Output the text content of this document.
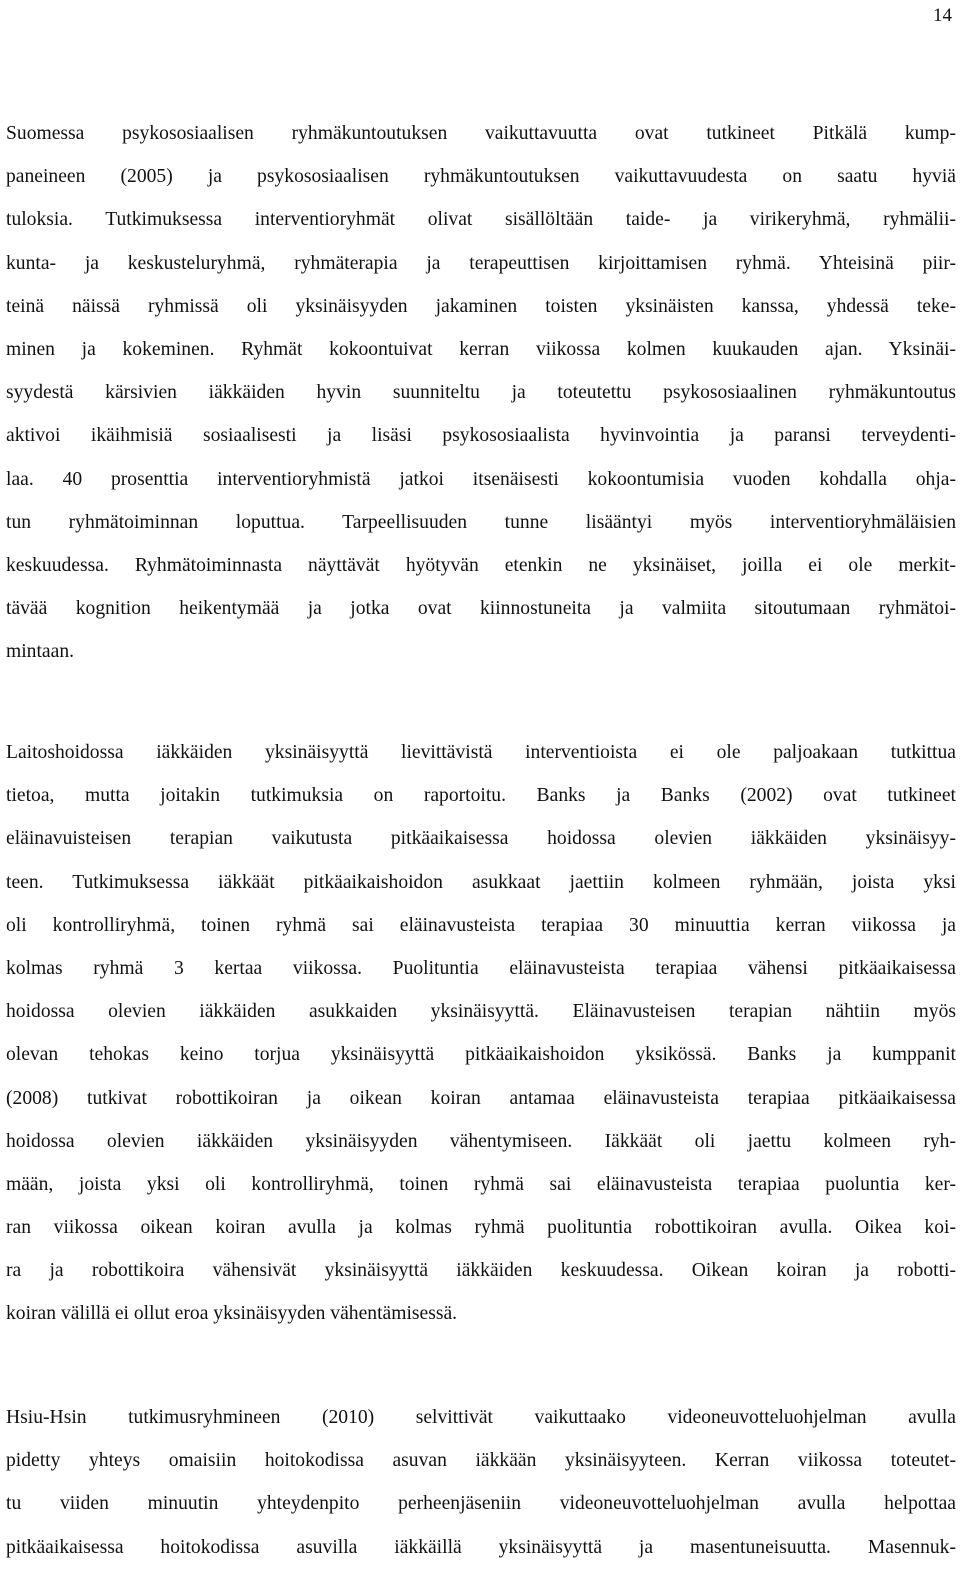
14
Suomessa psykososiaalisen ryhmäkuntoutuksen vaikuttavuutta ovat tutkineet Pitkälä kump-
paneineen (2005) ja psykososiaalisen ryhmäkuntoutuksen vaikuttavuudesta on saatu hyviä
tuloksia. Tutkimuksessa interventioryhmät olivat sisällöltään taide- ja virikeryhmä, ryhmälii-
kunta- ja keskusteluryhmä, ryhmäterapia ja terapeuttisen kirjoittamisen ryhmä. Yhteisinä piir-
teinä näissä ryhmissä oli yksinäisyyden jakaminen toisten yksinäisten kanssa, yhdessä teke-
minen ja kokeminen. Ryhmät kokoontuivat kerran viikossa kolmen kuukauden ajan. Yksinäi-
syydestä kärsivien iäkkäiden hyvin suunniteltu ja toteutettu psykososiaalinen ryhmäkuntoutus
aktivoi ikäihmisiä sosiaalisesti ja lisäsi psykososiaalista hyvinvointia ja paransi terveydenti-
laa. 40 prosenttia interventioryhmistä jatkoi itsenäisesti kokoontumisia vuoden kohdalla ohja-
tun ryhmätoiminnan loputtua. Tarpeellisuuden tunne lisääntyi myös interventioryhmäläisien
keskuudessa. Ryhmätoiminnasta näyttävät hyötyvän etenkin ne yksinäiset, joilla ei ole merkit-
tävää kognition heikentymää ja jotka ovat kiinnostuneita ja valmiita sitoutumaan ryhmätoi-
mintaan.
Laitoshoidossa iäkkäiden yksinäisyyttä lievittävistä interventioista ei ole paljoakaan tutkittua
tietoa, mutta joitakin tutkimuksia on raportoitu. Banks ja Banks (2002) ovat tutkineet
eläinavuisteisen terapian vaikutusta pitkäaikaisessa hoidossa olevien iäkkäiden yksinäisyy-
teen. Tutkimuksessa iäkkäät pitkäaikaishoidon asukkaat jaettiin kolmeen ryhmään, joista yksi
oli kontrolliryhmä, toinen ryhmä sai eläinavusteista terapiaa 30 minuuttia kerran viikossa ja
kolmas ryhmä 3 kertaa viikossa. Puolituntia eläinavusteista terapiaa vähensi pitkäaikaisessa
hoidossa olevien iäkkäiden asukkaiden yksinäisyyttä. Eläinavusteisen terapian nähtiin myös
olevan tehokas keino torjua yksinäisyyttä pitkäaikaishoidon yksikössä. Banks ja kumppanit
(2008) tutkivat robottikoiran ja oikean koiran antamaa eläinavusteista terapiaa pitkäaikaisessa
hoidossa olevien iäkkäiden yksinäisyyden vähentymiseen. Iäkkäät oli jaettu kolmeen ryh-
mään, joista yksi oli kontrolliryhmä, toinen ryhmä sai eläinavusteista terapiaa puoluntia ker-
ran viikossa oikean koiran avulla ja kolmas ryhmä puolituntia robottikoiran avulla. Oikea koi-
ra ja robottikoira vähensivät yksinäisyyttä iäkkäiden keskuudessa. Oikean koiran ja robotti-
koiran välillä ei ollut eroa yksinäisyyden vähentämisessä.
Hsiu-Hsin tutkimusryhmineen (2010) selvittivät vaikuttaako videoneuvotteluohjelman avulla
pidetty yhteys omaisiin hoitokodissa asuvan iäkkään yksinäisyyteen. Kerran viikossa toteutet-
tu viiden minuutin yhteydenpito perheenjäseniin videoneuvotteluohjelman avulla helpottaa
pitkäaikaisessa hoitokodissa asuvilla iäkkäillä yksinäisyyttä ja masentuneisuutta. Masennuk-
